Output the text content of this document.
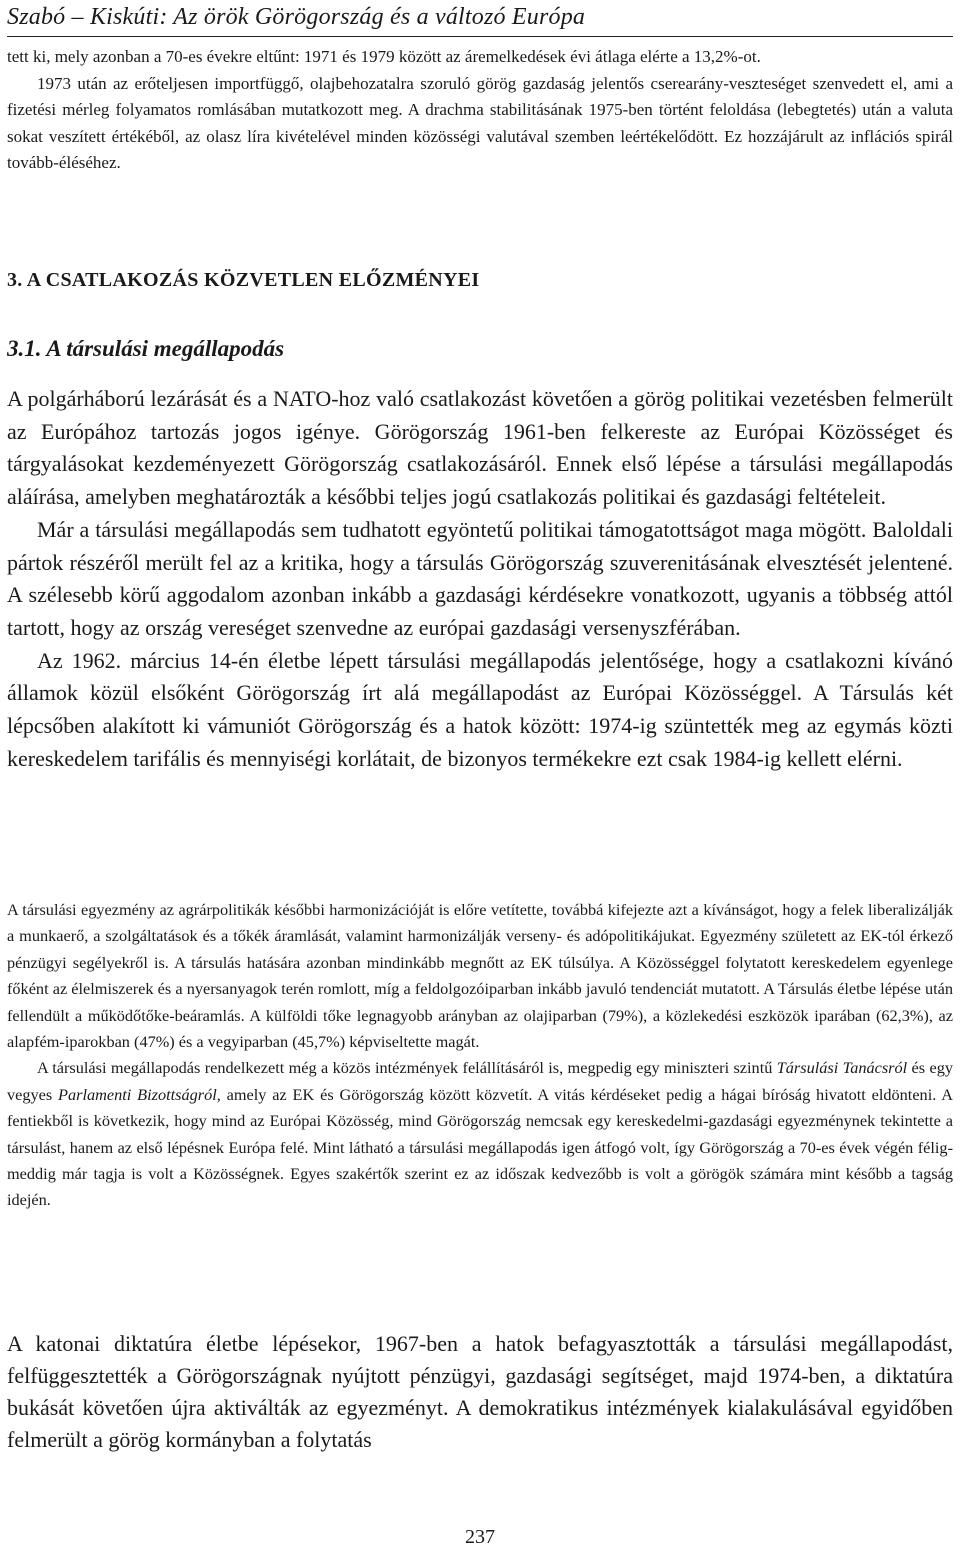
Szabó – Kiskúti: Az örök Görögország és a változó Európa

tett ki, mely azonban a 70-es évekre eltűnt: 1971 és 1979 között az áremelkedések évi átlaga elérte a 13,2%-ot.

1973 után az erőteljesen importfüggő, olajbehozatalra szoruló görög gazdaság jelentős cserearány-veszteséget szenvedett el, ami a fizetési mérleg folyamatos romlásában mutatkozott meg. A drachma stabilitásának 1975-ben történt feloldása (lebegtetés) után a valuta sokat veszített értékéből, az olasz líra kivételével minden közösségi valutával szemben leértékelődött. Ez hozzájárult az inflációs spirál tovább-éléséhez.

3. A CSATLAKOZÁS KÖZVETLEN ELŐZMÉNYEI
3.1. A társulási megállapodás

A polgárháború lezárását és a NATO-hoz való csatlakozást követően a görög politikai vezetésben felmerült az Európához tartozás jogos igénye. Görögország 1961-ben felkereste az Európai Közösséget és tárgyalásokat kezdeményezett Görögország csatlakozásáról. Ennek első lépése a társulási megállapodás aláírása, amelyben meghatározták a későbbi teljes jogú csatlakozás politikai és gazdasági feltételeit.

Már a társulási megállapodás sem tudhatott egyöntetű politikai támogatottságot maga mögött. Baloldali pártok részéről merült fel az a kritika, hogy a társulás Görögország szuverenitásának elvesztését jelentené. A szélesebb körű aggodalom azonban inkább a gazdasági kérdésekre vonatkozott, ugyanis a többség attól tartott, hogy az ország vereséget szenvedne az európai gazdasági versenyszférában.

Az 1962. március 14-én életbe lépett társulási megállapodás jelentősége, hogy a csatlakozni kívánó államok közül elsőként Görögország írt alá megállapodást az Európai Közösséggel. A Társulás két lépcsőben alakított ki vámuniót Görögország és a hatok között: 1974-ig szüntették meg az egymás közti kereskedelem tarifális és mennyiségi korlátait, de bizonyos termékekre ezt csak 1984-ig kellett elérni.

A társulási egyezmény az agrárpolitikák későbbi harmonizációját is előre vetítette, továbbá kifejezte azt a kívánságot, hogy a felek liberalizálják a munkaerő, a szolgáltatások és a tőkék áramlását, valamint harmonizálják verseny- és adópolitikájukat. Egyezmény született az EK-tól érkező pénzügyi segélyekről is. A társulás hatására azonban mindinkább megnőtt az EK túlsúlya. A Közösséggel folytatott kereskedelem egyenlege főként az élelmiszerek és a nyersanyagok terén romlott, míg a feldolgozóiparban inkább javuló tendenciát mutatott. A Társulás életbe lépése után fellendült a működőtőke-beáramlás. A külföldi tőke legnagyobb arányban az olajiparban (79%), a közlekedési eszközök iparában (62,3%), az alapfém-iparokban (47%) és a vegyiparban (45,7%) képviseltette magát.

A társulási megállapodás rendelkezett még a közös intézmények felállításáról is, megpedig egy miniszteri szintű Társulási Tanácsról és egy vegyes Parlamenti Bizottságról, amely az EK és Görögország között közvetít. A vitás kérdéseket pedig a hágai bíróság hivatott eldönteni. A fentiekből is következik, hogy mind az Európai Közösség, mind Görögország nemcsak egy kereskedelmi-gazdasági egyezménynek tekintette a társulást, hanem az első lépésnek Európa felé. Mint látható a társulási megállapodás igen átfogó volt, így Görögország a 70-es évek végén félig-meddig már tagja is volt a Közösségnek. Egyes szakértők szerint ez az időszak kedvezőbb is volt a görögök számára mint később a tagság idején.

A katonai diktatúra életbe lépésekor, 1967-ben a hatok befagyasztották a társulási megállapodást, felfüggesztették a Görögországnak nyújtott pénzügyi, gazdasági segítséget, majd 1974-ben, a diktatúra bukását követően újra aktiválták az egyezményt. A demokratikus intézmények kialakulásával egyidőben felmerült a görög kormányban a folytatás

237
